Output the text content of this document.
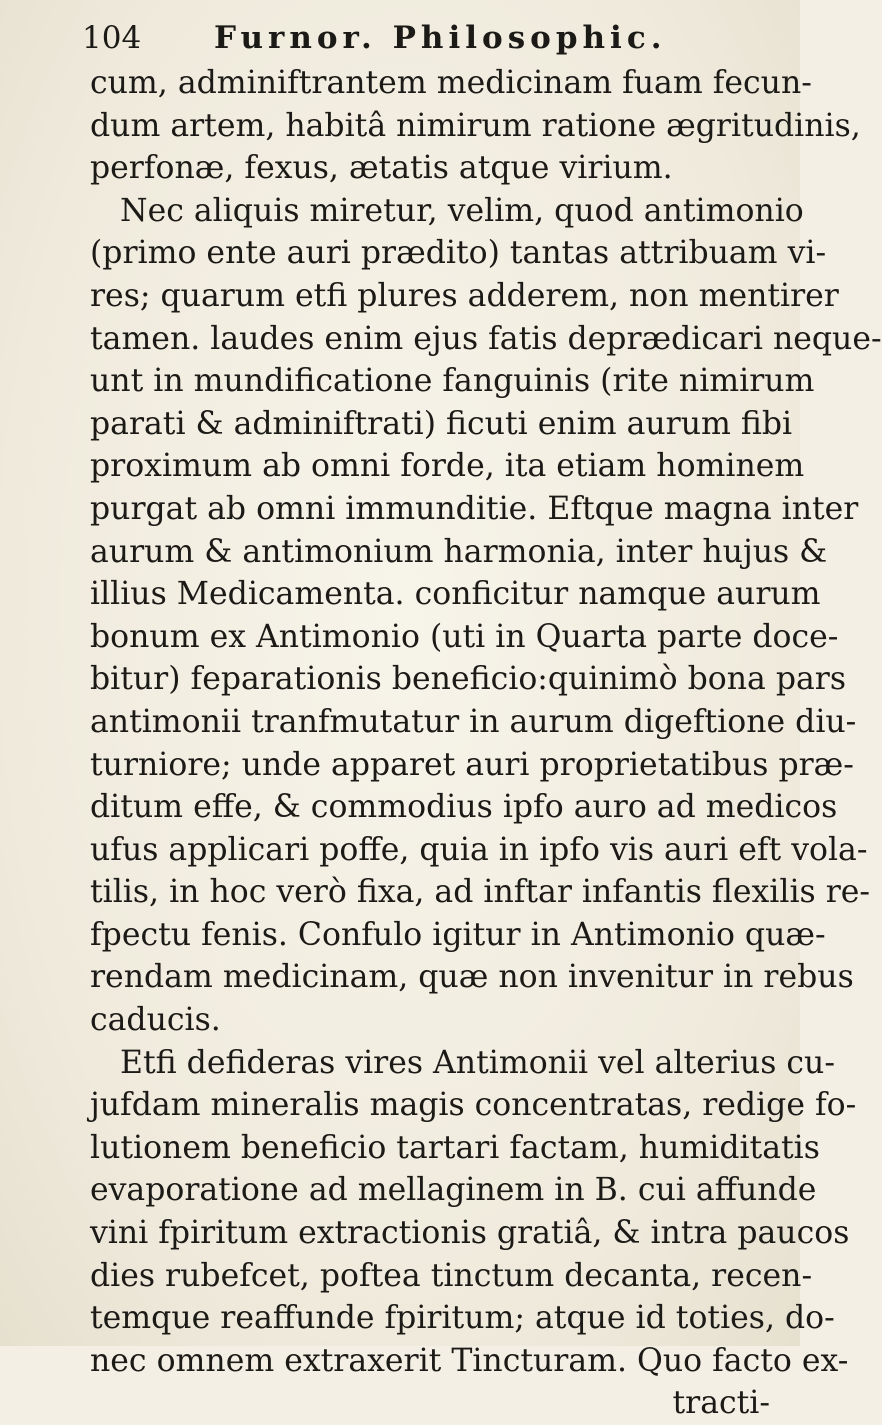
104 Furnor. Philosophic.
cum, adminiftrantem medicinam fuam fecun-
dum artem, habitâ nimirum ratione ægritudinis,
perfonæ, fexus, ætatis atque virium.
Nec aliquis miretur, velim, quod antimonio
(primo ente auri prædito) tantas attribuam vi-
res; quarum etfi plures adderem, non mentirer
tamen. laudes enim ejus fatis deprædicari neque-
unt in mundificatione fanguinis (rite nimirum
parati & adminiftrati) ficuti enim aurum fibi
proximum ab omni forde, ita etiam hominem
purgat ab omni immunditie. Eftque magna inter
aurum & antimonium harmonia, inter hujus &
illius Medicamenta. conficitur namque aurum
bonum ex Antimonio (uti in Quarta parte doce-
bitur) feparationis beneficio:quinimò bona pars
antimonii tranfmutatur in aurum digeftione diu-
turniore; unde apparet auri proprietatibus præ-
ditum effe, & commodius ipfo auro ad medicos
ufus applicari poffe, quia in ipfo vis auri eft vola-
tilis, in hoc verò fixa, ad inftar infantis flexilis re-
fpectu fenis. Confulo igitur in Antimonio quæ-
rendam medicinam, quæ non invenitur in rebus
caducis.
Etfi defideras vires Antimonii vel alterius cu-
jufdam mineralis magis concentratas, redige fo-
lutionem beneficio tartari factam, humiditatis
evaporatione ad mellaginem in B. cui affunde
vini fpiritum extractionis gratiâ, & intra paucos
dies rubefcet, poftea tinctum decanta, recen-
temque reaffunde fpiritum; atque id toties, do-
nec omnem extraxerit Tincturam. Quo facto ex-
tracti-
